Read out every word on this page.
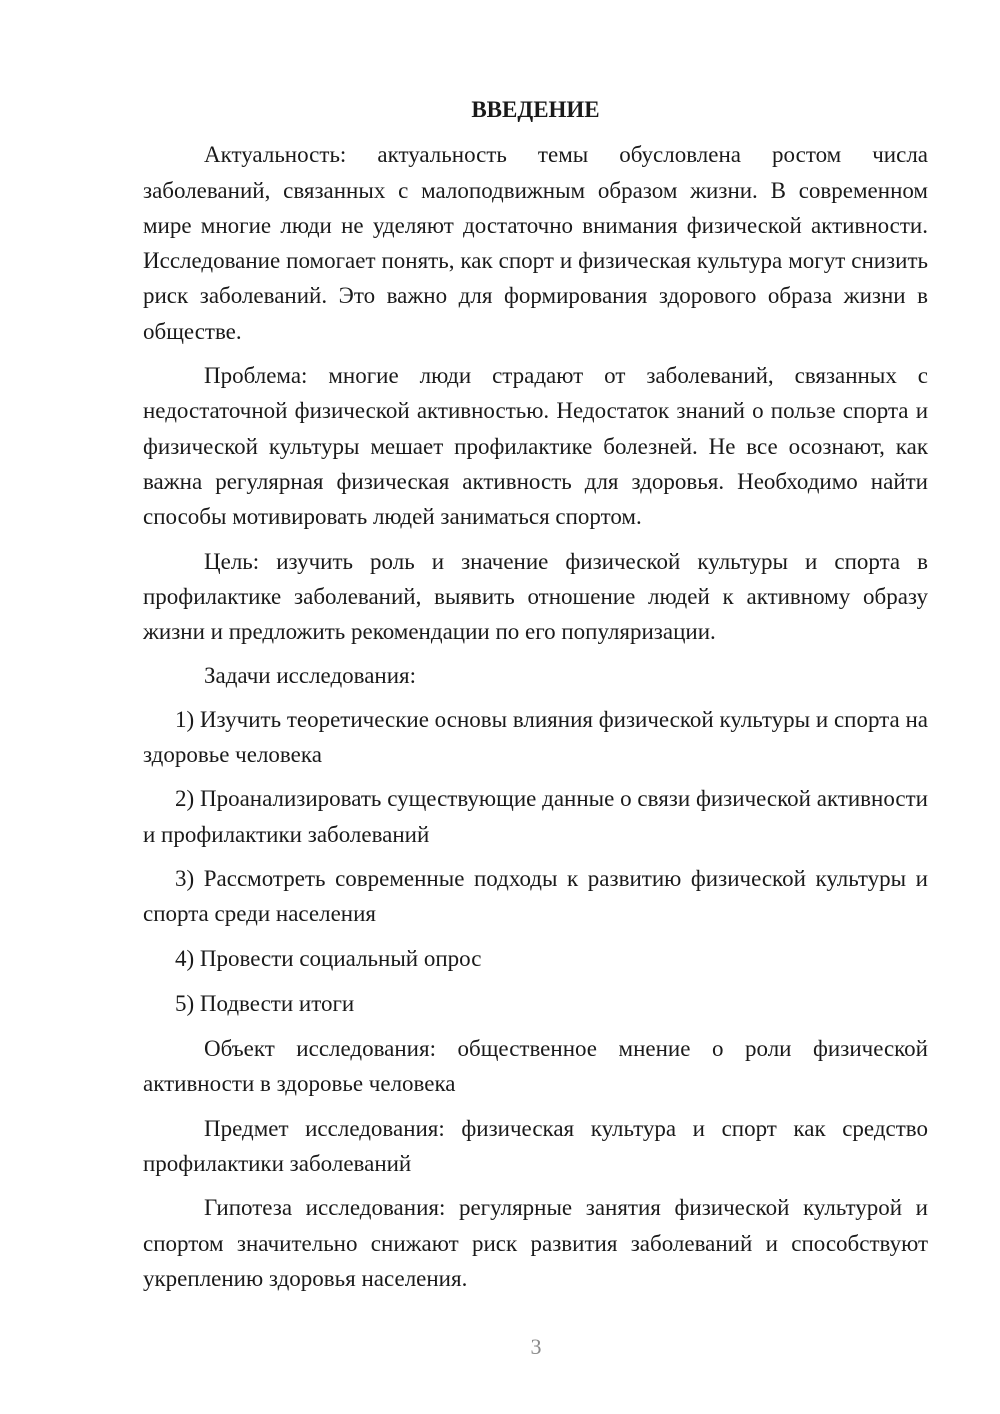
ВВЕДЕНИЕ

Актуальность: актуальность темы обусловлена ростом числа заболеваний, связанных с малоподвижным образом жизни. В современном мире многие люди не уделяют достаточно внимания физической активности. Исследование помогает понять, как спорт и физическая культура могут снизить риск заболеваний. Это важно для формирования здорового образа жизни в обществе.

Проблема: многие люди страдают от заболеваний, связанных с недостаточной физической активностью. Недостаток знаний о пользе спорта и физической культуры мешает профилактике болезней. Не все осознают, как важна регулярная физическая активность для здоровья. Необходимо найти способы мотивировать людей заниматься спортом.

Цель: изучить роль и значение физической культуры и спорта в профилактике заболеваний, выявить отношение людей к активному образу жизни и предложить рекомендации по его популяризации.

Задачи исследования:

1) Изучить теоретические основы влияния физической культуры и спорта на здоровье человека

2) Проанализировать существующие данные о связи физической активности и профилактики заболеваний

3) Рассмотреть современные подходы к развитию физической культуры и спорта среди населения

4) Провести социальный опрос

5) Подвести итоги

Объект исследования: общественное мнение о роли физической активности в здоровье человека

Предмет исследования: физическая культура и спорт как средство профилактики заболеваний

Гипотеза исследования: регулярные занятия физической культурой и спортом значительно снижают риск развития заболеваний и способствуют укреплению здоровья населения.

3
